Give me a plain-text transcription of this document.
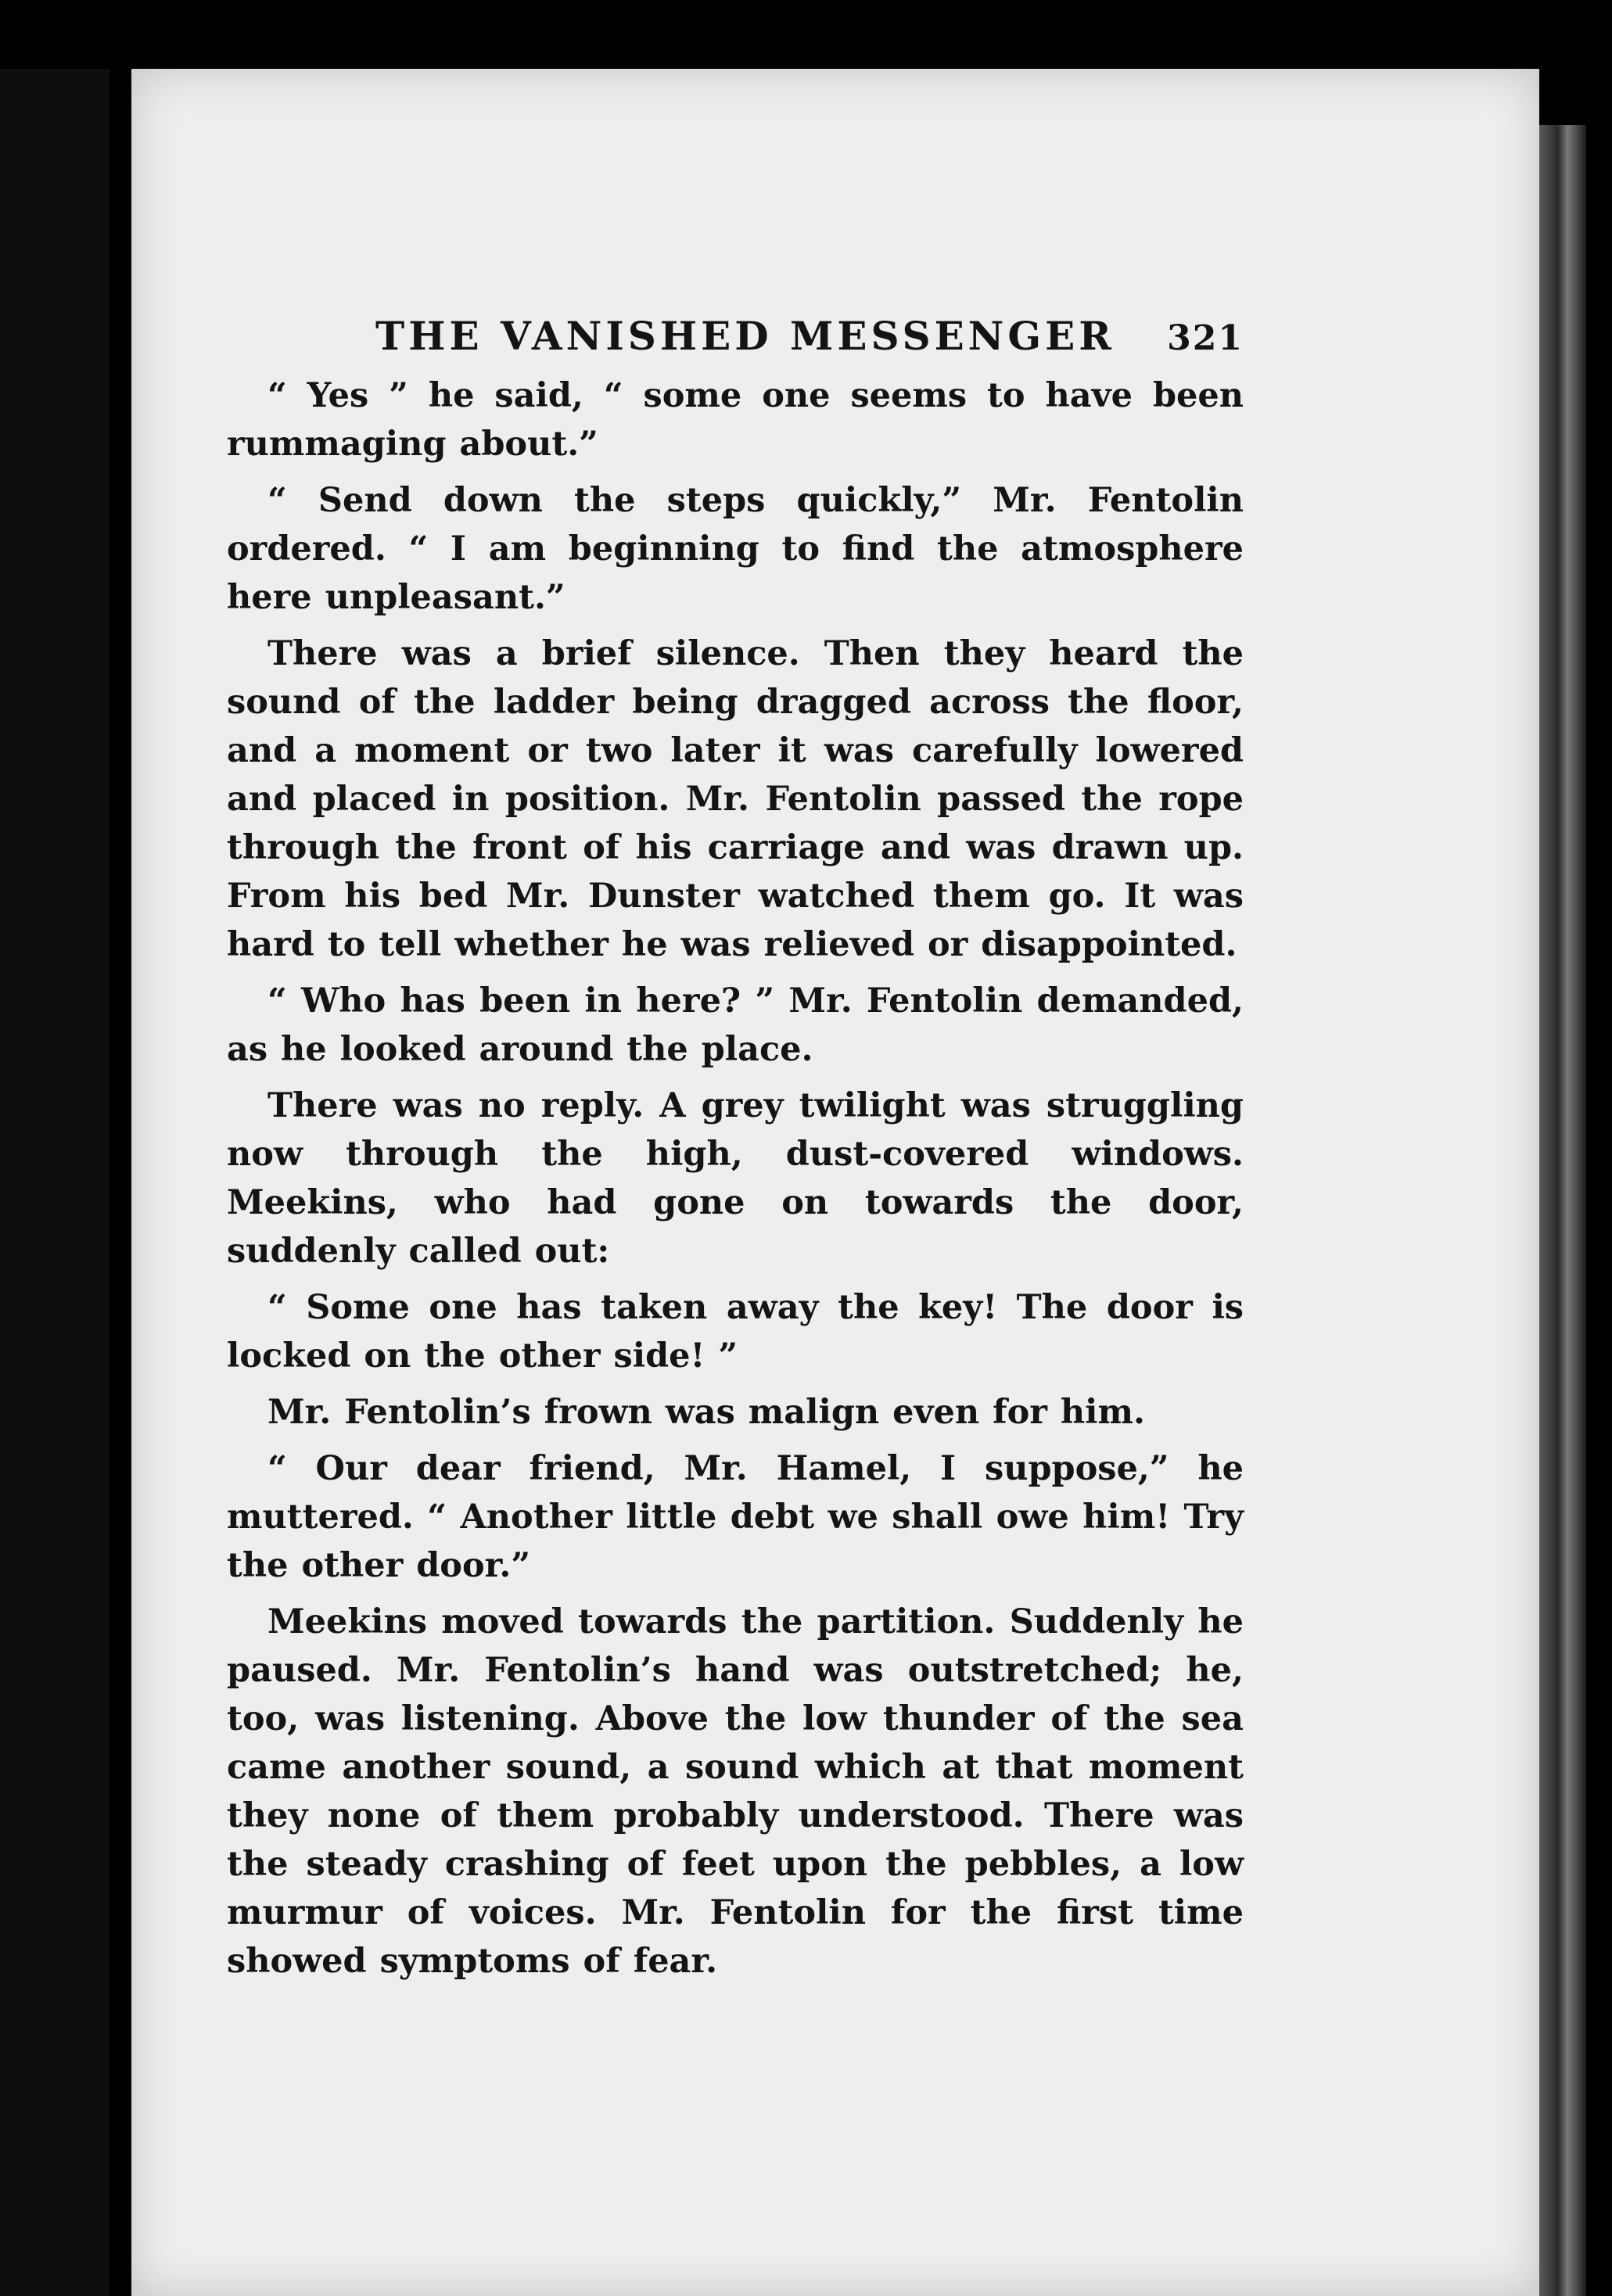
THE VANISHED MESSENGER 321

“ Yes ” he said, “ some one seems to have been rummaging about.”

“ Send down the steps quickly,” Mr. Fentolin ordered. “ I am beginning to find the atmosphere here unpleasant.”

There was a brief silence. Then they heard the sound of the ladder being dragged across the floor, and a moment or two later it was carefully lowered and placed in position. Mr. Fentolin passed the rope through the front of his carriage and was drawn up. From his bed Mr. Dunster watched them go. It was hard to tell whether he was relieved or disappointed.

“ Who has been in here? ” Mr. Fentolin demanded, as he looked around the place.

There was no reply. A grey twilight was struggling now through the high, dust-covered windows. Meekins, who had gone on towards the door, suddenly called out:

“ Some one has taken away the key! The door is locked on the other side! ”

Mr. Fentolin’s frown was malign even for him.

“ Our dear friend, Mr. Hamel, I suppose,” he muttered. “ Another little debt we shall owe him! Try the other door.”

Meekins moved towards the partition. Suddenly he paused. Mr. Fentolin’s hand was outstretched; he, too, was listening. Above the low thunder of the sea came another sound, a sound which at that moment they none of them probably understood. There was the steady crashing of feet upon the pebbles, a low murmur of voices. Mr. Fentolin for the first time showed symptoms of fear.
